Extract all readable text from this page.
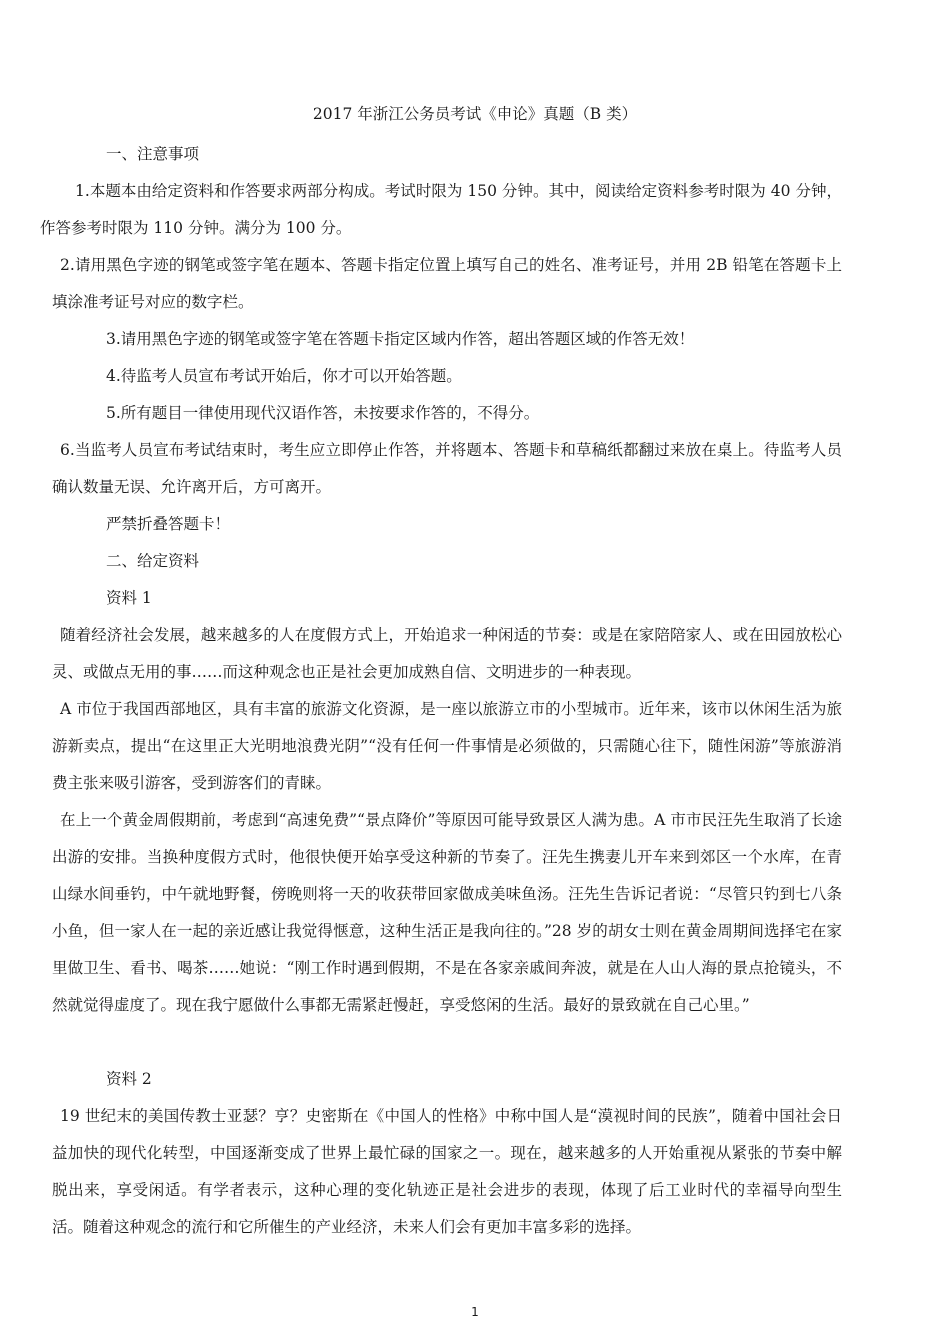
2017 年浙江公务员考试《申论》真题（B 类）
一、注意事项
1.本题本由给定资料和作答要求两部分构成。考试时限为 150 分钟。其中，阅读给定资料参考时限为 40 分钟，作答参考时限为 110 分钟。满分为 100 分。
2.请用黑色字迹的钢笔或签字笔在题本、答题卡指定位置上填写自己的姓名、准考证号，并用 2B 铅笔在答题卡上填涂准考证号对应的数字栏。
3.请用黑色字迹的钢笔或签字笔在答题卡指定区域内作答，超出答题区域的作答无效！
4.待监考人员宣布考试开始后，你才可以开始答题。
5.所有题目一律使用现代汉语作答，未按要求作答的，不得分。
6.当监考人员宣布考试结束时，考生应立即停止作答，并将题本、答题卡和草稿纸都翻过来放在桌上。待监考人员确认数量无误、允许离开后，方可离开。
严禁折叠答题卡！
二、给定资料
资料 1
随着经济社会发展，越来越多的人在度假方式上，开始追求一种闲适的节奏：或是在家陪陪家人、或在田园放松心灵、或做点无用的事……而这种观念也正是社会更加成熟自信、文明进步的一种表现。
A 市位于我国西部地区，具有丰富的旅游文化资源，是一座以旅游立市的小型城市。近年来，该市以休闲生活为旅游新卖点，提出“在这里正大光明地浪费光阴”“没有任何一件事情是必须做的，只需随心往下，随性闲游”等旅游消费主张来吸引游客，受到游客们的青睐。
在上一个黄金周假期前，考虑到“高速免费”“景点降价”等原因可能导致景区人满为患。A 市市民汪先生取消了长途出游的安排。当换种度假方式时，他很快便开始享受这种新的节奏了。汪先生携妻儿开车来到郊区一个水库，在青山绿水间垂钓，中午就地野餐，傍晚则将一天的收获带回家做成美味鱼汤。汪先生告诉记者说：“尽管只钓到七八条小鱼，但一家人在一起的亲近感让我觉得惬意，这种生活正是我向往的。”28 岁的胡女士则在黄金周期间选择宅在家里做卫生、看书、喝茶……她说：“刚工作时遇到假期，不是在各家亲戚间奔波，就是在人山人海的景点抢镜头，不然就觉得虚度了。现在我宁愿做什么事都无需紧赶慢赶，享受悠闲的生活。最好的景致就在自己心里。”
资料 2
19 世纪末的美国传教士亚瑟？亨？史密斯在《中国人的性格》中称中国人是“漠视时间的民族”，随着中国社会日益加快的现代化转型，中国逐渐变成了世界上最忙碌的国家之一。现在，越来越多的人开始重视从紧张的节奏中解脱出来，享受闲适。有学者表示，这种心理的变化轨迹正是社会进步的表现，体现了后工业时代的幸福导向型生活。随着这种观念的流行和它所催生的产业经济，未来人们会有更加丰富多彩的选择。
1
